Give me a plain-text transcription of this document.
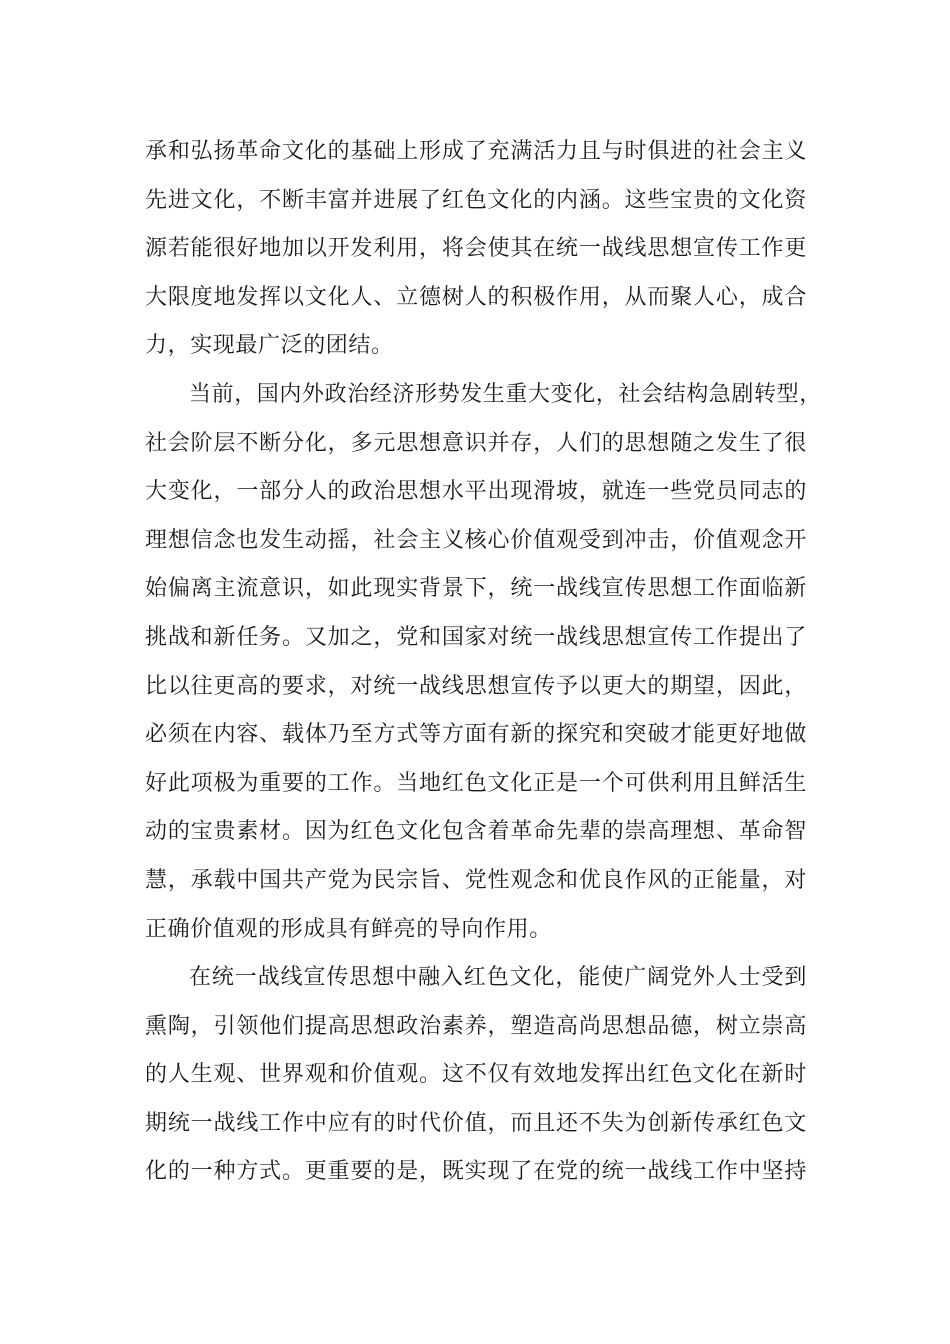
承和弘扬革命文化的基础上形成了充满活力且与时俱进的社会主义
先进文化，不断丰富并进展了红色文化的内涵。这些宝贵的文化资
源若能很好地加以开发利用，将会使其在统一战线思想宣传工作更
大限度地发挥以文化人、立德树人的积极作用，从而聚人心，成合
力，实现最广泛的团结。

当前，国内外政治经济形势发生重大变化，社会结构急剧转型，
社会阶层不断分化，多元思想意识并存，人们的思想随之发生了很
大变化，一部分人的政治思想水平出现滑坡，就连一些党员同志的
理想信念也发生动摇，社会主义核心价值观受到冲击，价值观念开
始偏离主流意识，如此现实背景下，统一战线宣传思想工作面临新
挑战和新任务。又加之，党和国家对统一战线思想宣传工作提出了
比以往更高的要求，对统一战线思想宣传予以更大的期望，因此，
必须在内容、载体乃至方式等方面有新的探究和突破才能更好地做
好此项极为重要的工作。当地红色文化正是一个可供利用且鲜活生
动的宝贵素材。因为红色文化包含着革命先辈的崇高理想、革命智
慧，承载中国共产党为民宗旨、党性观念和优良作风的正能量，对
正确价值观的形成具有鲜亮的导向作用。

在统一战线宣传思想中融入红色文化，能使广阔党外人士受到
熏陶，引领他们提高思想政治素养，塑造高尚思想品德，树立崇高
的人生观、世界观和价值观。这不仅有效地发挥出红色文化在新时
期统一战线工作中应有的时代价值，而且还不失为创新传承红色文
化的一种方式。更重要的是，既实现了在党的统一战线工作中坚持
